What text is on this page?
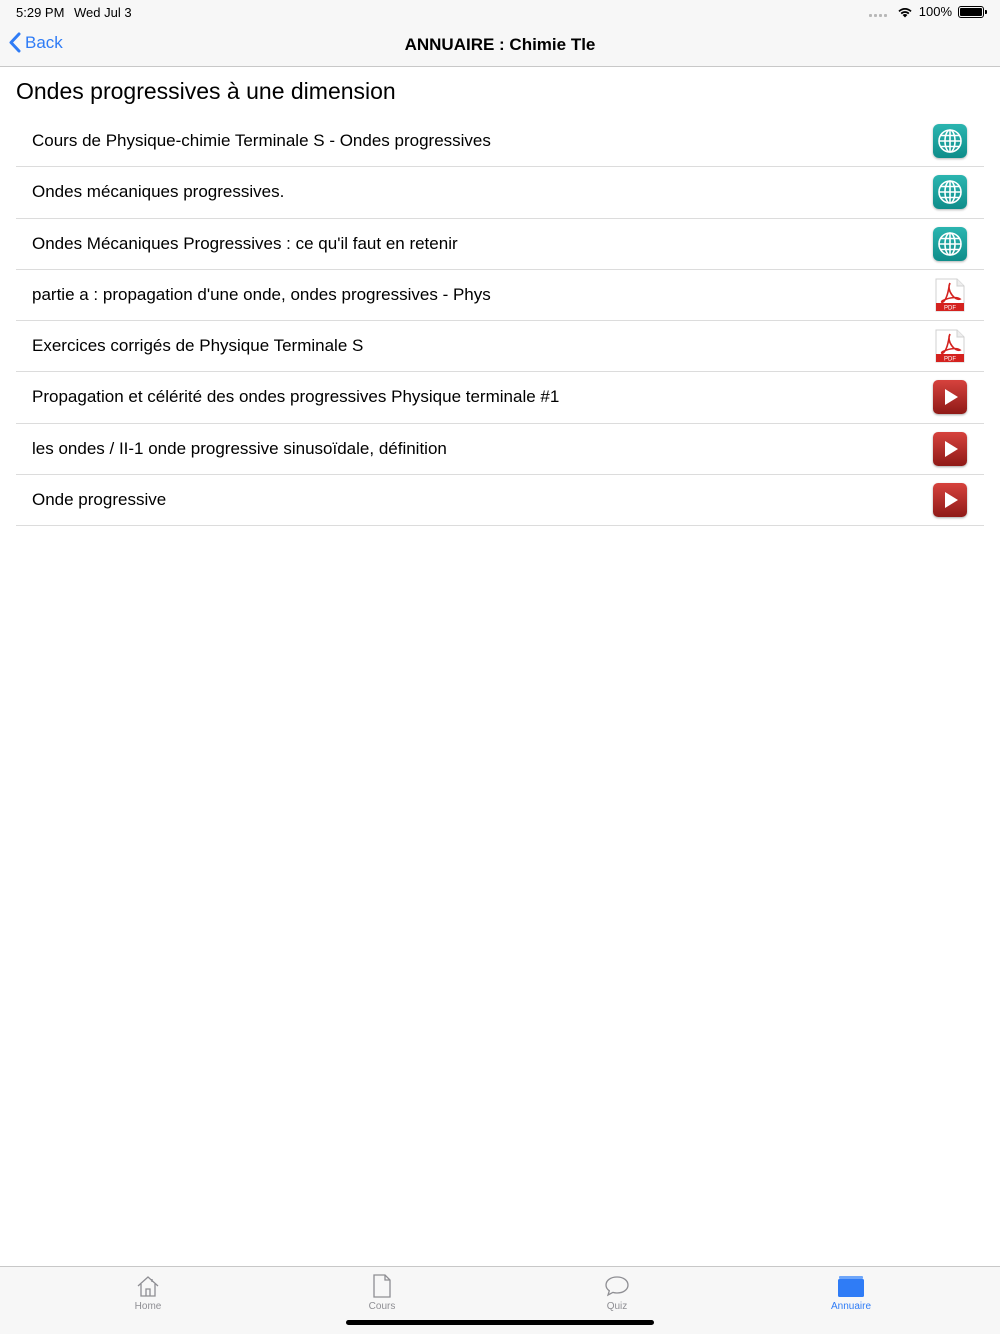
5:29 PM Wed Jul 3	100%
Back	ANNUAIRE : Chimie Tle
Ondes progressives à une dimension
Cours de Physique-chimie Terminale S - Ondes progressives
Ondes mécaniques progressives.
Ondes Mécaniques Progressives : ce qu'il faut en retenir
partie a : propagation d'une onde, ondes progressives - Phys
PDF
Exercices corrigés de Physique Terminale S
PDF
Propagation et célérité des ondes progressives Physique terminale #1
les ondes / II-1 onde progressive sinusoïdale, définition
Onde progressive
Home	Cours	Quiz	Annuaire
